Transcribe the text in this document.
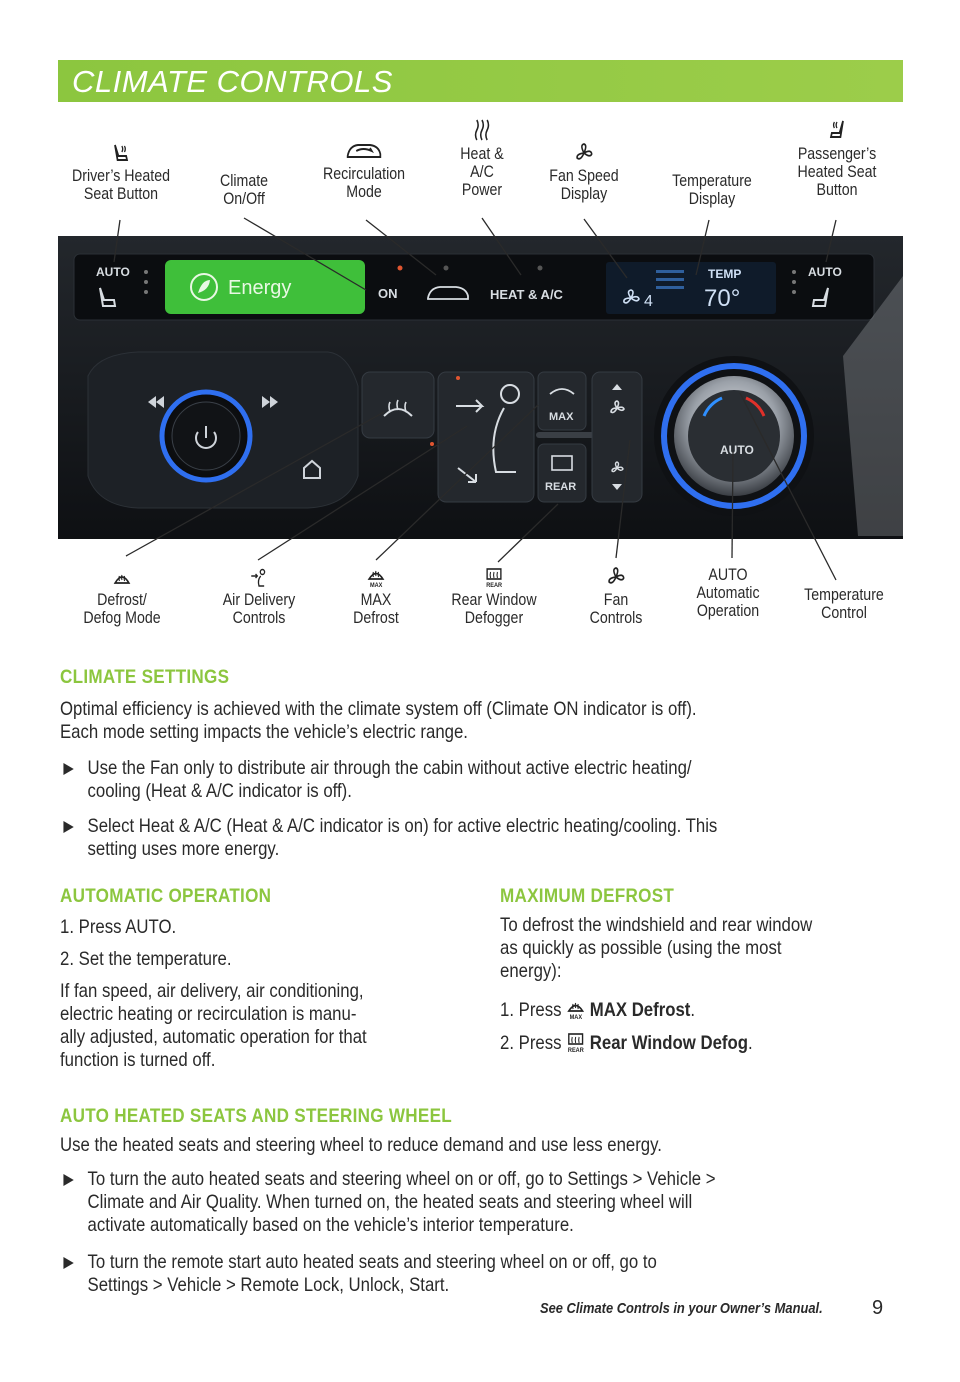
CLIMATE CONTROLS
Driver’s Heated
Seat Button
Climate
On/Off
Recirculation
Mode
Heat &
A/C
Power
Fan Speed
Display
Temperature
Display
Passenger’s
Heated Seat
Button
AUTO
Energy	ON	HEAT & A/C	4
TEMP
70°
AUTO
MAX
REAR
AUTO
Defrost/
Defog Mode
Air Delivery
Controls
MAX
MAX
Defrost
REAR
Rear Window
Defogger
Fan
Controls
AUTO
Automatic
Operation
Temperature
Control
CLIMATE SETTINGS
Optimal efficiency is achieved with the climate system off (Climate ON indicator is off).
Each mode setting impacts the vehicle’s electric range.
Use the Fan only to distribute air through the cabin without active electric heating/
cooling (Heat & A/C indicator is off).
Select Heat & A/C (Heat & A/C indicator is on) for active electric heating/cooling. This
setting uses more energy.
AUTOMATIC OPERATION
1. Press AUTO.
2. Set the temperature.
If fan speed, air delivery, air conditioning,
electric heating or recirculation is manu-
ally adjusted, automatic operation for that
function is turned off.
MAXIMUM DEFROST
To defrost the windshield and rear window
as quickly as possible (using the most
energy):
1. Press MAX MAX Defrost.
2. Press REAR Rear Window Defog.
AUTO HEATED SEATS AND STEERING WHEEL
Use the heated seats and steering wheel to reduce demand and use less energy.
To turn the auto heated seats and steering wheel on or off, go to Settings > Vehicle >
Climate and Air Quality. When turned on, the heated seats and steering wheel will
activate automatically based on the vehicle’s interior temperature.
To turn the remote start auto heated seats and steering wheel on or off, go to
Settings > Vehicle > Remote Lock, Unlock, Start.
See Climate Controls in your Owner’s Manual. 9
